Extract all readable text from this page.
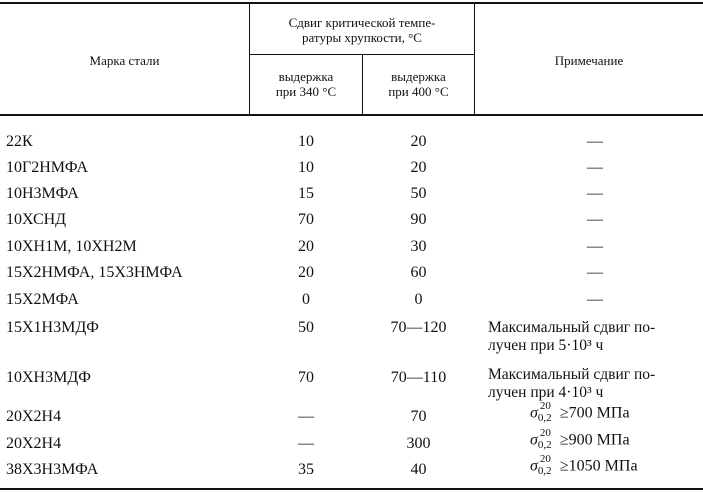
Марка стали
Сдвиг критической темпе-
ратуры хрупкости, °C
выдержка
при 340 °C
выдержка
при 400 °C
Примечание
22К	10	20	—
10Г2НМФА	10	20	—
10Н3МФА	15	50	—
10ХСНД	70	90	—
10ХН1М, 10ХН2М	20	30	—
15Х2НМФА, 15Х3НМФА	20	60	—
15Х2МФА	0	0	—
15Х1Н3МДФ	50	70—120	Максимальный сдвиг по-
лучен при 5·10³ ч
10ХН3МДФ	70	70—110	Максимальный сдвиг по-
лучен при 4·10³ ч
20Х2Н4	—	70	σ 20
0,2 ≥700 МПа
20Х2Н4	—	300	σ 20
0,2 ≥900 МПа
38Х3Н3МФА	35	40	σ 20
0,2 ≥1050 МПа
